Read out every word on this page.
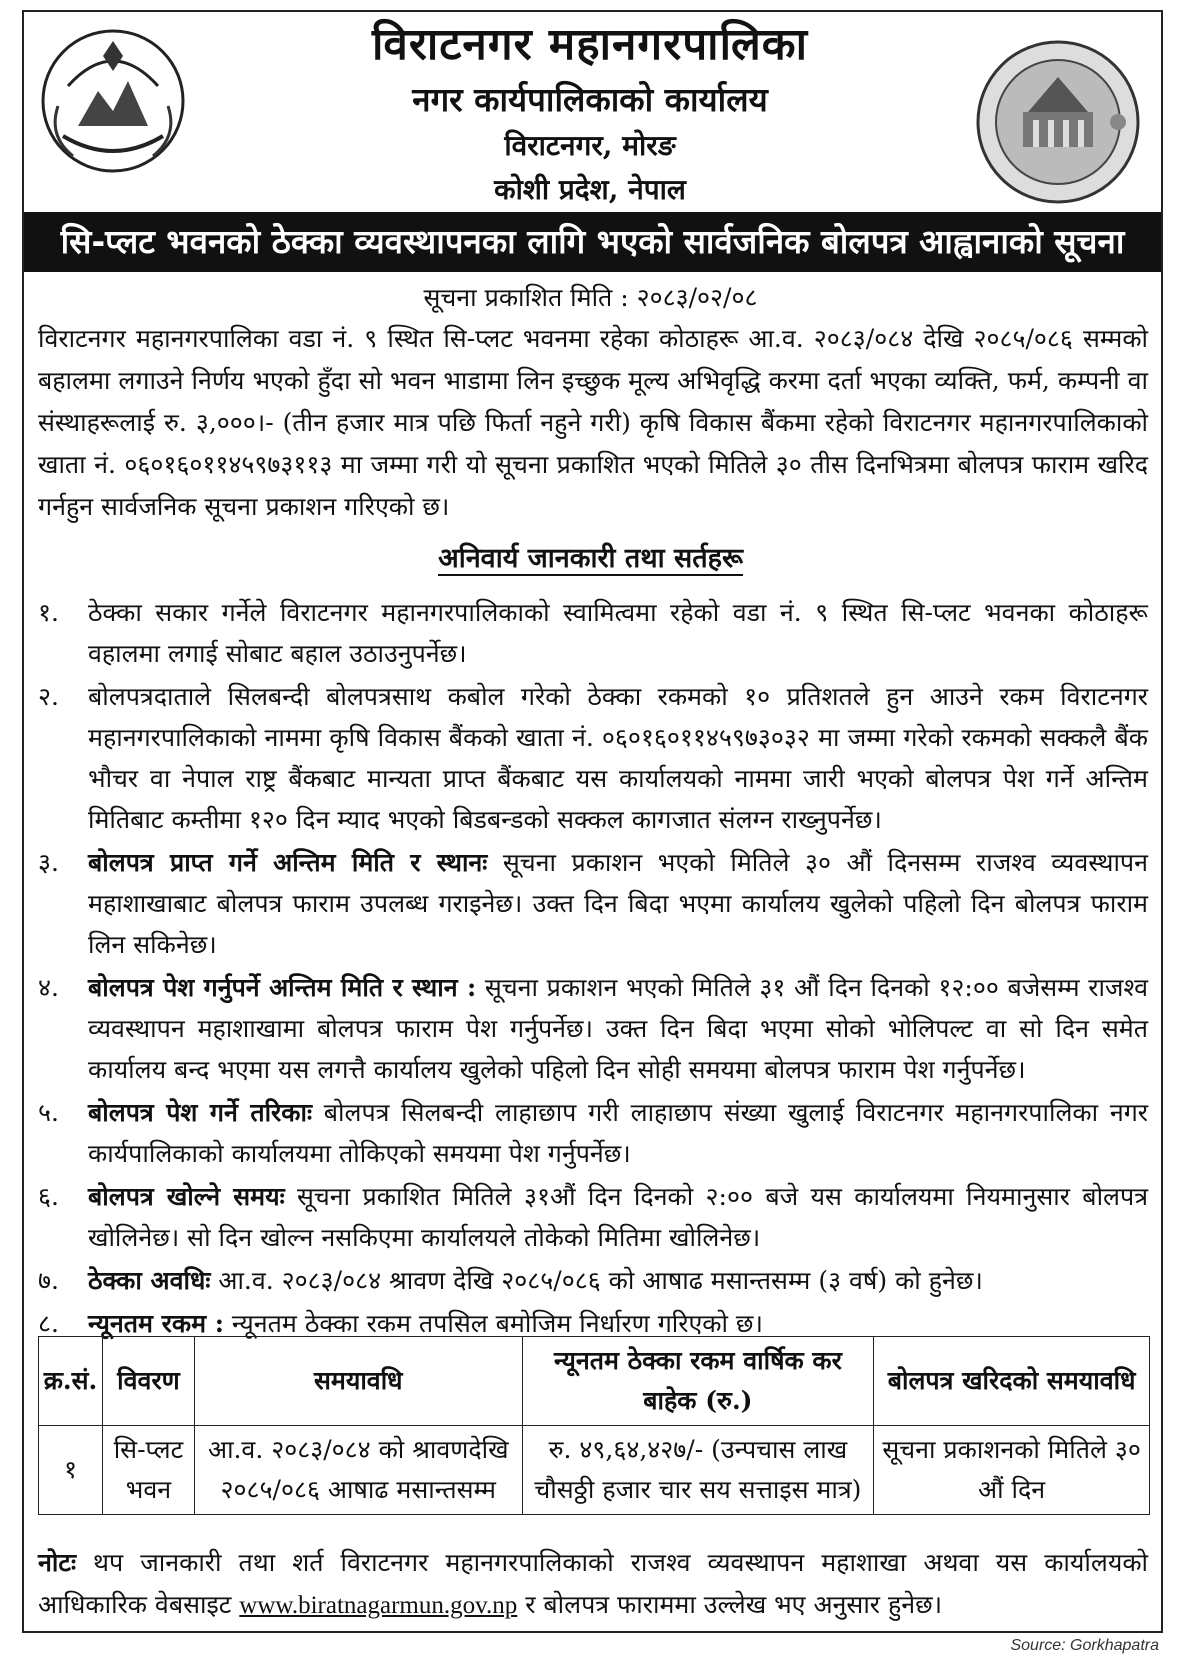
विराटनगर महानगरपालिका
नगर कार्यपालिकाको कार्यालय
विराटनगर, मोरङ
कोशी प्रदेश, नेपाल
सि-प्लट भवनको ठेक्का व्यवस्थापनका लागि भएको सार्वजनिक बोलपत्र आह्वानाको सूचना
सूचना प्रकाशित मिति : २०८३/०२/०८
विराटनगर महानगरपालिका वडा नं. ९ स्थित सि-प्लट भवनमा रहेका कोठाहरू आ.व. २०८३/०८४ देखि २०८५/०८६ सम्मको बहालमा लगाउने निर्णय भएको हुँदा सो भवन भाडामा लिन इच्छुक मूल्य अभिवृद्धि करमा दर्ता भएका व्यक्ति, फर्म, कम्पनी वा संस्थाहरूलाई रु. ३,०००।- (तीन हजार मात्र पछि फिर्ता नहुने गरी) कृषि विकास बैंकमा रहेको विराटनगर महानगरपालिकाको खाता नं. ०६०१६०११४५९७३११३ मा जम्मा गरी यो सूचना प्रकाशित भएको मितिले ३० तीस दिनभित्रमा बोलपत्र फाराम खरिद गर्नहुन सार्वजनिक सूचना प्रकाशन गरिएको छ।
अनिवार्य जानकारी तथा सर्तहरू
१.	ठेक्का सकार गर्नेले विराटनगर महानगरपालिकाको स्वामित्वमा रहेको वडा नं. ९ स्थित सि-प्लट भवनका कोठाहरू वहालमा लगाई सोबाट बहाल उठाउनुपर्नेछ।
२.	बोलपत्रदाताले सिलबन्दी बोलपत्रसाथ कबोल गरेको ठेक्का रकमको १० प्रतिशतले हुन आउने रकम विराटनगर महानगरपालिकाको नाममा कृषि विकास बैंकको खाता नं. ०६०१६०११४५९७३०३२ मा जम्मा गरेको रकमको सक्कलै बैंक भौचर वा नेपाल राष्ट्र बैंकबाट मान्यता प्राप्त बैंकबाट यस कार्यालयको नाममा जारी भएको बोलपत्र पेश गर्ने अन्तिम मितिबाट कम्तीमा १२० दिन म्याद भएको बिडबन्डको सक्कल कागजात संलग्न राख्नुपर्नेछ।
३.	बोलपत्र प्राप्त गर्ने अन्तिम मिति र स्थानः सूचना प्रकाशन भएको मितिले ३० औं दिनसम्म राजश्व व्यवस्थापन महाशाखाबाट बोलपत्र फाराम उपलब्ध गराइनेछ। उक्त दिन बिदा भएमा कार्यालय खुलेको पहिलो दिन बोलपत्र फाराम लिन सकिनेछ।
४.	बोलपत्र पेश गर्नुपर्ने अन्तिम मिति र स्थान : सूचना प्रकाशन भएको मितिले ३१ औं दिन दिनको १२:०० बजेसम्म राजश्व व्यवस्थापन महाशाखामा बोलपत्र फाराम पेश गर्नुपर्नेछ। उक्त दिन बिदा भएमा सोको भोलिपल्ट वा सो दिन समेत कार्यालय बन्द भएमा यस लगत्तै कार्यालय खुलेको पहिलो दिन सोही समयमा बोलपत्र फाराम पेश गर्नुपर्नेछ।
५.	बोलपत्र पेश गर्ने तरिकाः बोलपत्र सिलबन्दी लाहाछाप गरी लाहाछाप संख्या खुलाई विराटनगर महानगरपालिका नगर कार्यपालिकाको कार्यालयमा तोकिएको समयमा पेश गर्नुपर्नेछ।
६.	बोलपत्र खोल्ने समयः सूचना प्रकाशित मितिले ३१औं दिन दिनको २:०० बजे यस कार्यालयमा नियमानुसार बोलपत्र खोलिनेछ। सो दिन खोल्न नसकिएमा कार्यालयले तोकेको मितिमा खोलिनेछ।
७.	ठेक्का अवधिः आ.व. २०८३/०८४ श्रावण देखि २०८५/०८६ को आषाढ मसान्तसम्म (३ वर्ष) को हुनेछ।
८.	न्यूनतम रकम : न्यूनतम ठेक्का रकम तपसिल बमोजिम निर्धारण गरिएको छ।
क्र.सं.	विवरण	समयावधि	न्यूनतम ठेक्का रकम वार्षिक कर बाहेक (रु.)	बोलपत्र खरिदको समयावधि
१	सि-प्लट भवन	आ.व. २०८३/०८४ को श्रावणदेखि २०८५/०८६ आषाढ मसान्तसम्म	रु. ४९,६४,४२७/- (उन्पचास लाख चौसठ्ठी हजार चार सय सत्ताइस मात्र)	सूचना प्रकाशनको मितिले ३० औं दिन
नोटः थप जानकारी तथा शर्त विराटनगर महानगरपालिकाको राजश्व व्यवस्थापन महाशाखा अथवा यस कार्यालयको आधिकारिक वेबसाइट www.biratnagarmun.gov.np र बोलपत्र फाराममा उल्लेख भए अनुसार हुनेछ।
Source: Gorkhapatra
